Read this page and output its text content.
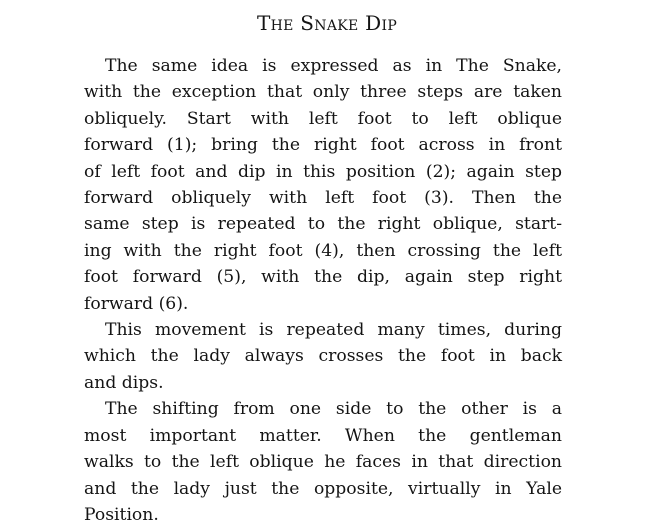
The Snake Dip
The same idea is expressed as in The Snake,
with the exception that only three steps are taken
obliquely. Start with left foot to left oblique
forward (1); bring the right foot across in front
of left foot and dip in this position (2); again step
forward obliquely with left foot (3). Then the
same step is repeated to the right oblique, start-
ing with the right foot (4), then crossing the left
foot forward (5), with the dip, again step right
forward (6).
This movement is repeated many times, during
which the lady always crosses the foot in back
and dips.
The shifting from one side to the other is a
most important matter. When the gentleman
walks to the left oblique he faces in that direction
and the lady just the opposite, virtually in Yale
Position.
